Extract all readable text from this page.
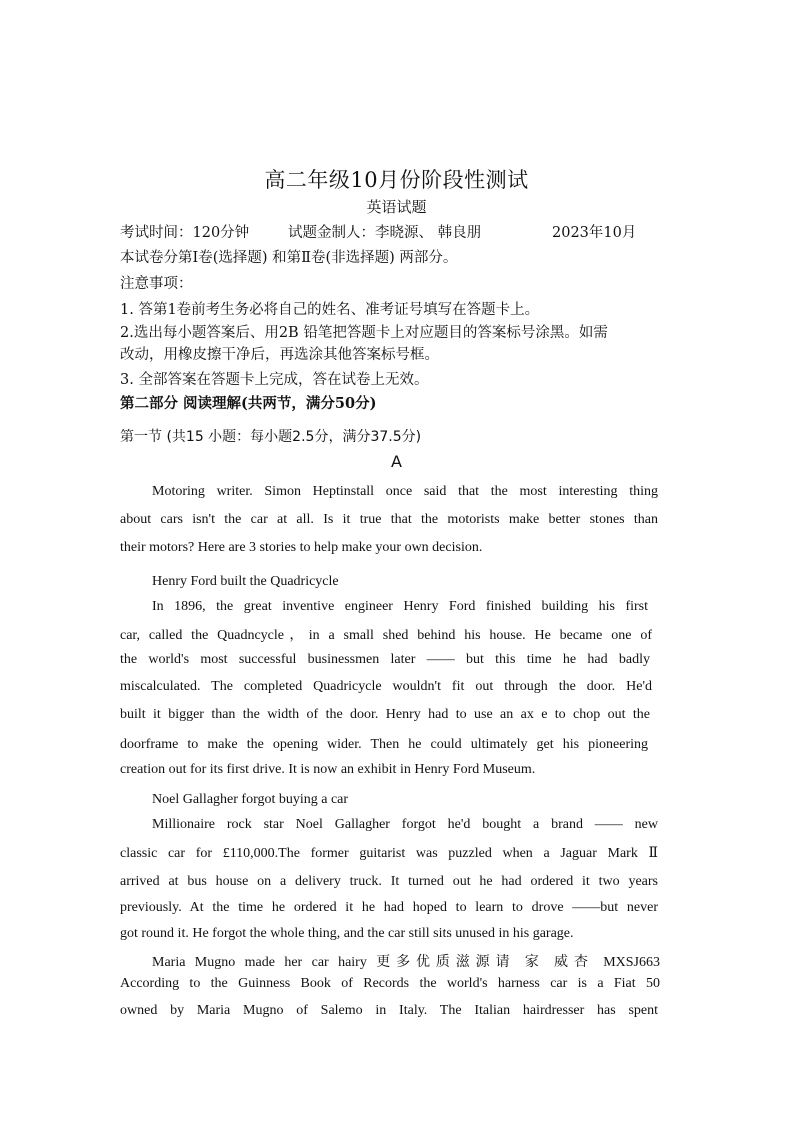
高二年级10月份阶段性测试
英语试题
考试时间：120分钟	试题金制人：李晓源、 韩良朋	2023年10月
本试卷分第Ⅰ卷(选择题) 和第Ⅱ卷(非选择题) 两部分。
注意事项：
1. 答第1卷前考生务必将自己的姓名、准考证号填写在答题卡上。
2.选出每小题答案后、用2B 铅笔把答题卡上对应题目的答案标号涂黑。如需
改动，用橡皮擦干净后，再选涂其他答案标号框。
3. 全部答案在答题卡上完成，答在试卷上无效。
第二部分 阅读理解(共两节，满分50分)
第一节 (共15 小题：每小题2.5分，满分37.5分)
A
Motoring writer. Simon Heptinstall once said that the most interesting thing
about cars isn't the car at all. Is it true that the motorists make better stones than
their motors? Here are 3 stories to help make your own decision.
Henry Ford built the Quadricycle
In 1896, the great inventive engineer Henry Ford finished building his first
car, called the Quadncycle，in a small shed behind his house. He became one of
the world's most successful businessmen later —— but this time he had badly
miscalculated. The completed Quadricycle wouldn't fit out through the door. He'd
built it bigger than the width of the door. Henry had to use an ax e to chop out the
doorframe to make the opening wider. Then he could ultimately get his pioneering
creation out for its first drive. It is now an exhibit in Henry Ford Museum.
Noel Gallagher forgot buying a car
Millionaire rock star Noel Gallagher forgot he'd bought a brand —— new
classic car for £110,000.The former guitarist was puzzled when a Jaguar Mark Ⅱ
arrived at bus house on a delivery truck. It turned out he had ordered it two years
previously. At the time he ordered it he had hoped to learn to drove ——but never
got round it. He forgot the whole thing, and the car still sits unused in his garage.
Maria Mugno made her car hairy 更多优质滋源请 家 威杏 MXSJ663
According to the Guinness Book of Records the world's harness car is a Fiat 50
owned by Maria Mugno of Salemo in Italy. The Italian hairdresser has spent
